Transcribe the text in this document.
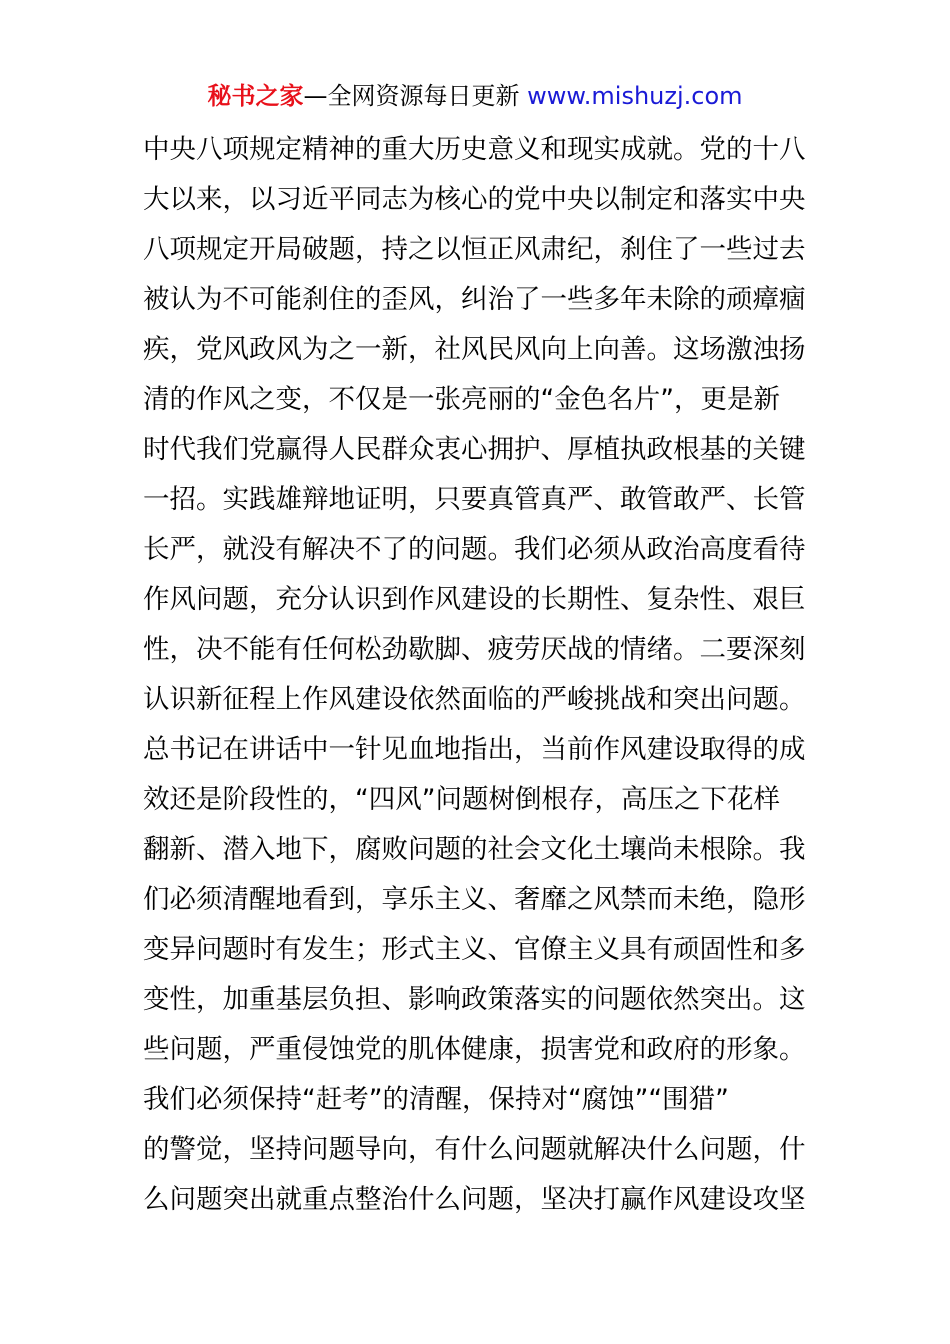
秘书之家—全网资源每日更新 www.mishuzj.com
中央八项规定精神的重大历史意义和现实成就。党的十八
大以来，以习近平同志为核心的党中央以制定和落实中央
八项规定开局破题，持之以恒正风肃纪，刹住了一些过去
被认为不可能刹住的歪风，纠治了一些多年未除的顽瘴痼
疾，党风政风为之一新，社风民风向上向善。这场激浊扬
清的作风之变，不仅是一张亮丽的“金色名片”，更是新
时代我们党赢得人民群众衷心拥护、厚植执政根基的关键
一招。实践雄辩地证明，只要真管真严、敢管敢严、长管
长严，就没有解决不了的问题。我们必须从政治高度看待
作风问题，充分认识到作风建设的长期性、复杂性、艰巨
性，决不能有任何松劲歇脚、疲劳厌战的情绪。二要深刻
认识新征程上作风建设依然面临的严峻挑战和突出问题。
总书记在讲话中一针见血地指出，当前作风建设取得的成
效还是阶段性的，“四风”问题树倒根存，高压之下花样
翻新、潜入地下，腐败问题的社会文化土壤尚未根除。我
们必须清醒地看到，享乐主义、奢靡之风禁而未绝，隐形
变异问题时有发生；形式主义、官僚主义具有顽固性和多
变性，加重基层负担、影响政策落实的问题依然突出。这
些问题，严重侵蚀党的肌体健康，损害党和政府的形象。
我们必须保持“赶考”的清醒，保持对“腐蚀”“围猎”
的警觉，坚持问题导向，有什么问题就解决什么问题，什
么问题突出就重点整治什么问题，坚决打赢作风建设攻坚
